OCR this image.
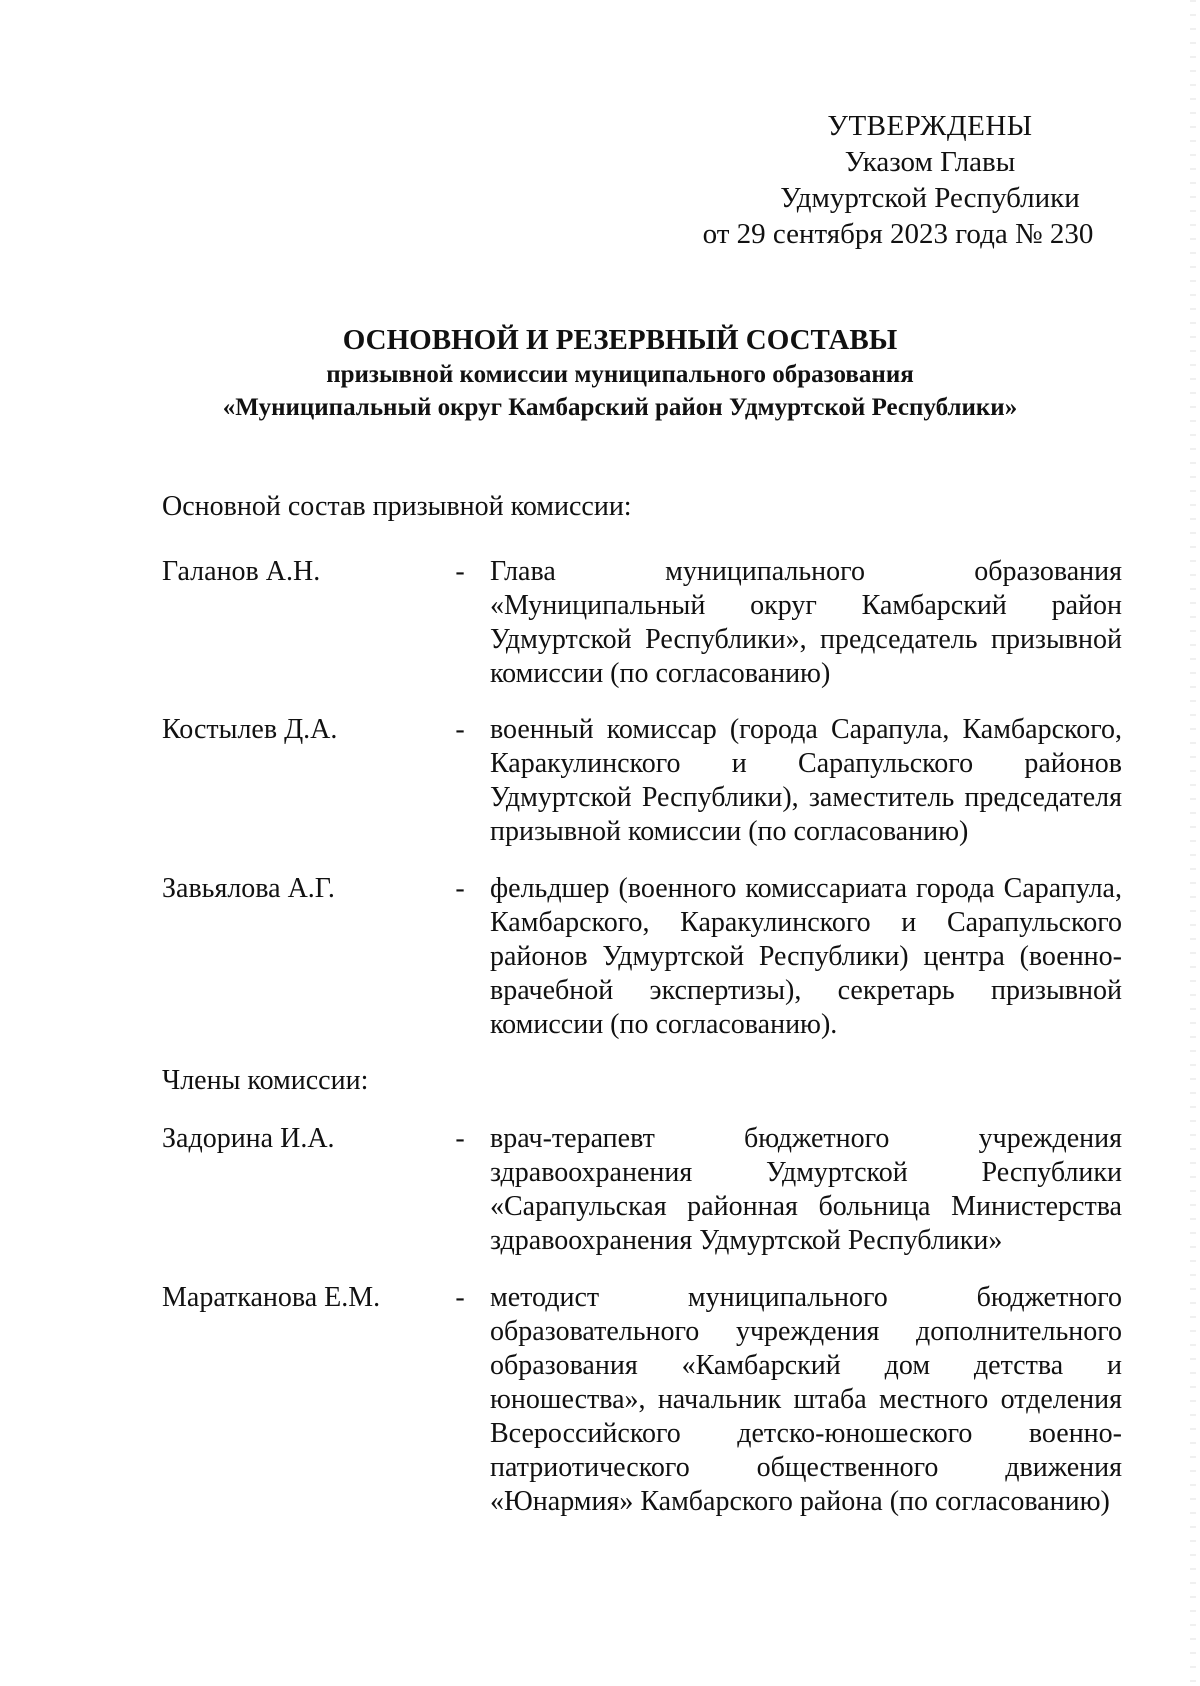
УТВЕРЖДЕНЫ
Указом Главы
Удмуртской Республики
от 29 сентября 2023 года № 230
ОСНОВНОЙ И РЕЗЕРВНЫЙ СОСТАВЫ
призывной комиссии муниципального образования
«Муниципальный округ Камбарский район Удмуртской Республики»
Основной состав призывной комиссии:
Галанов А.Н.	- Глава муниципального образования
«Муниципальный округ Камбарский район
Удмуртской Республики», председатель призывной
комиссии (по согласованию)
Костылев Д.А.	- военный комиссар (города Сарапула, Камбарского,
Каракулинского и Сарапульского районов
Удмуртской Республики), заместитель председателя
призывной комиссии (по согласованию)
Завьялова А.Г.	- фельдшер (военного комиссариата города Сарапула,
Камбарского, Каракулинского и Сарапульского
районов Удмуртской Республики) центра (военно-
врачебной экспертизы), секретарь призывной
комиссии (по согласованию).
Члены комиссии:
Задорина И.А.	- врач-терапевт бюджетного учреждения
здравоохранения Удмуртской Республики
«Сарапульская районная больница Министерства
здравоохранения Удмуртской Республики»
Маратканова Е.М.	- методист муниципального бюджетного
образовательного учреждения дополнительного
образования «Камбарский дом детства и
юношества», начальник штаба местного отделения
Всероссийского детско-юношеского военно-
патриотического общественного движения
«Юнармия» Камбарского района (по согласованию)
